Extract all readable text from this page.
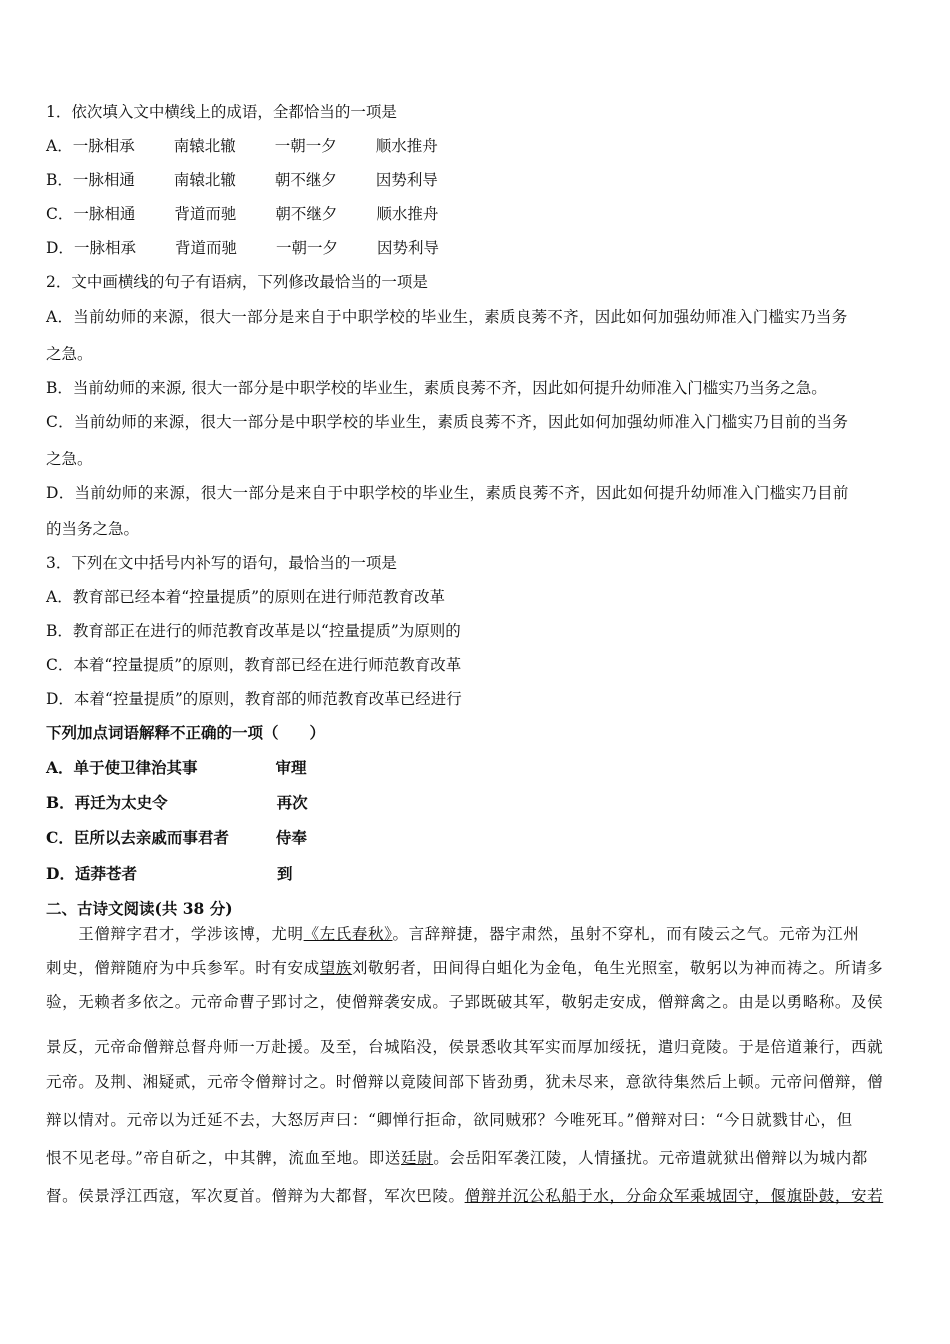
1．依次填入文中横线上的成语，全都恰当的一项是
A．一脉相承	南辕北辙	一朝一夕	顺水推舟
B．一脉相通	南辕北辙	朝不继夕	因势利导
C．一脉相通	背道而驰	朝不继夕	顺水推舟
D．一脉相承	背道而驰	一朝一夕	因势利导
2．文中画横线的句子有语病，下列修改最恰当的一项是
A．当前幼师的来源，很大一部分是来自于中职学校的毕业生，素质良莠不齐，因此如何加强幼师准入门槛实乃当务
之急。
B．当前幼师的来源, 很大一部分是中职学校的毕业生，素质良莠不齐，因此如何提升幼师准入门槛实乃当务之急。
C．当前幼师的来源，很大一部分是中职学校的毕业生，素质良莠不齐，因此如何加强幼师准入门槛实乃目前的当务
之急。
D．当前幼师的来源，很大一部分是来自于中职学校的毕业生，素质良莠不齐，因此如何提升幼师准入门槛实乃目前
的当务之急。
3．下列在文中括号内补写的语句，最恰当的一项是
A．教育部已经本着“控量提质”的原则在进行师范教育改革
B．教育部正在进行的师范教育改革是以“控量提质”为原则的
C．本着“控量提质”的原则，教育部已经在进行师范教育改革
D．本着“控量提质”的原则，教育部的师范教育改革已经进行
下列加点词语解释不正确的一项（　　）
A．单于使卫律治其事	审理
B．再迁为太史令	再次
C．臣所以去亲戚而事君者	侍奉
D．适莽苍者	到
二、古诗文阅读(共 38 分)
　　王僧辩字君才，学涉该博，尤明《左氏春秋》。言辞辩捷，器宇肃然，虽射不穿札，而有陵云之气。元帝为江州
刺史，僧辩随府为中兵参军。时有安成望族刘敬躬者，田间得白蛆化为金龟，龟生光照室，敬躬以为神而祷之。所请多
验，无赖者多依之。元帝命曹子郢讨之，使僧辩袭安成。子郢既破其军，敬躬走安成，僧辩禽之。由是以勇略称。及侯
景反，元帝命僧辩总督舟师一万赴援。及至，台城陷没，侯景悉收其军实而厚加绥抚，遣归竟陵。于是倍道兼行，西就
元帝。及荆、湘疑贰，元帝令僧辩讨之。时僧辩以竟陵间部下皆劲勇，犹未尽来，意欲待集然后上顿。元帝问僧辩，僧
辩以情对。元帝以为迁延不去，大怒厉声曰：“卿惮行拒命，欲同贼邪？今唯死耳。”僧辩对曰：“今日就戮甘心，但
恨不见老母。”帝自斫之，中其髀，流血至地。即送廷尉。会岳阳军袭江陵，人情搔扰。元帝遣就狱出僧辩以为城内都
督。侯景浮江西寇，军次夏首。僧辩为大都督，军次巴陵。僧辩并沉公私船于水，分命众军乘城固守，偃旗卧鼓，安若
